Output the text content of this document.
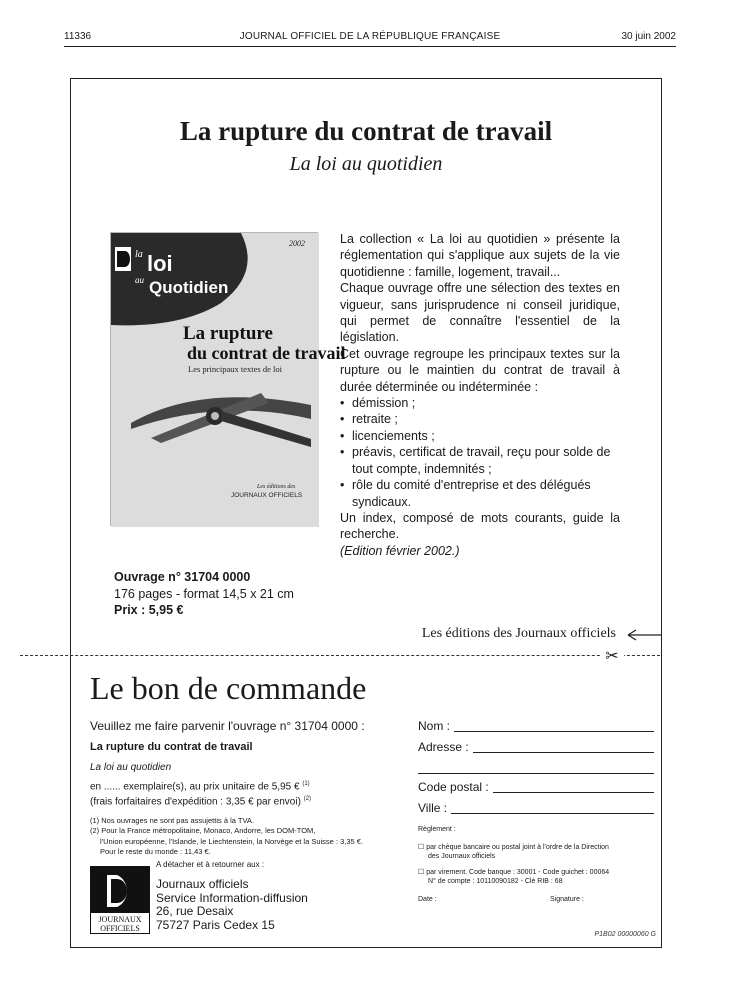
11336	JOURNAL OFFICIEL DE LA RÉPUBLIQUE FRANÇAISE	30 juin 2002
La rupture du contrat de travail
La loi au quotidien
la loi
au Quotidien
2002
La rupture
du contrat de travail
Les principaux textes de loi
Les éditions des
JOURNAUX OFFICIELS

La collection « La loi au quotidien » présente la réglementation qui s'applique aux sujets de la vie quotidienne : famille, logement, travail...

Chaque ouvrage offre une sélection des textes en vigueur, sans jurisprudence ni conseil juridique, qui permet de connaître l'essentiel de la législation.

Cet ouvrage regroupe les principaux textes sur la rupture ou le maintien du contrat de travail à durée déterminée ou indéterminée :

• démission ;
• retraite ;
• licenciements ;
• préavis, certificat de travail, reçu pour solde de tout compte, indemnités ;
• rôle du comité d'entreprise et des délégués syndicaux.

Un index, composé de mots courants, guide la recherche.

(Edition février 2002.)

Ouvrage n° 31704 0000
176 pages - format 14,5 x 21 cm
Prix : 5,95 €
Les éditions des Journaux officiels
✂
Le bon de commande
Veuillez me faire parvenir l'ouvrage n° 31704 0000 :
La rupture du contrat de travail
La loi au quotidien
en ...... exemplaire(s), au prix unitaire de 5,95 € $^{(1)}$
(frais forfaitaires d'expédition : 3,35 € par envoi) $^{(2)}$
(1) Nos ouvrages ne sont pas assujettis à la TVA.
(2) Pour la France métropolitaine, Monaco, Andorre, les DOM-TOM,
l'Union européenne, l'Islande, le Liechtenstein, la Norvège et la Suisse : 3,35 €.
Pour le reste du monde : 11,43 €.
JOURNAUX
OFFICIELS
A détacher et à retourner aux :
Journaux officiels
Service Information-diffusion
26, rue Desaix
75727 Paris Cedex 15
Nom :
Adresse :
Code postal :
Ville :
Règlement :
☐ par chèque bancaire ou postal joint à l'ordre de la Direction
des Journaux officiels
☐ par virement. Code banque : 30001 - Code guichet : 00064
N° de compte : 10110090182 - Clé RIB : 68
Date :	Signature :
P1B02 00000060 G
